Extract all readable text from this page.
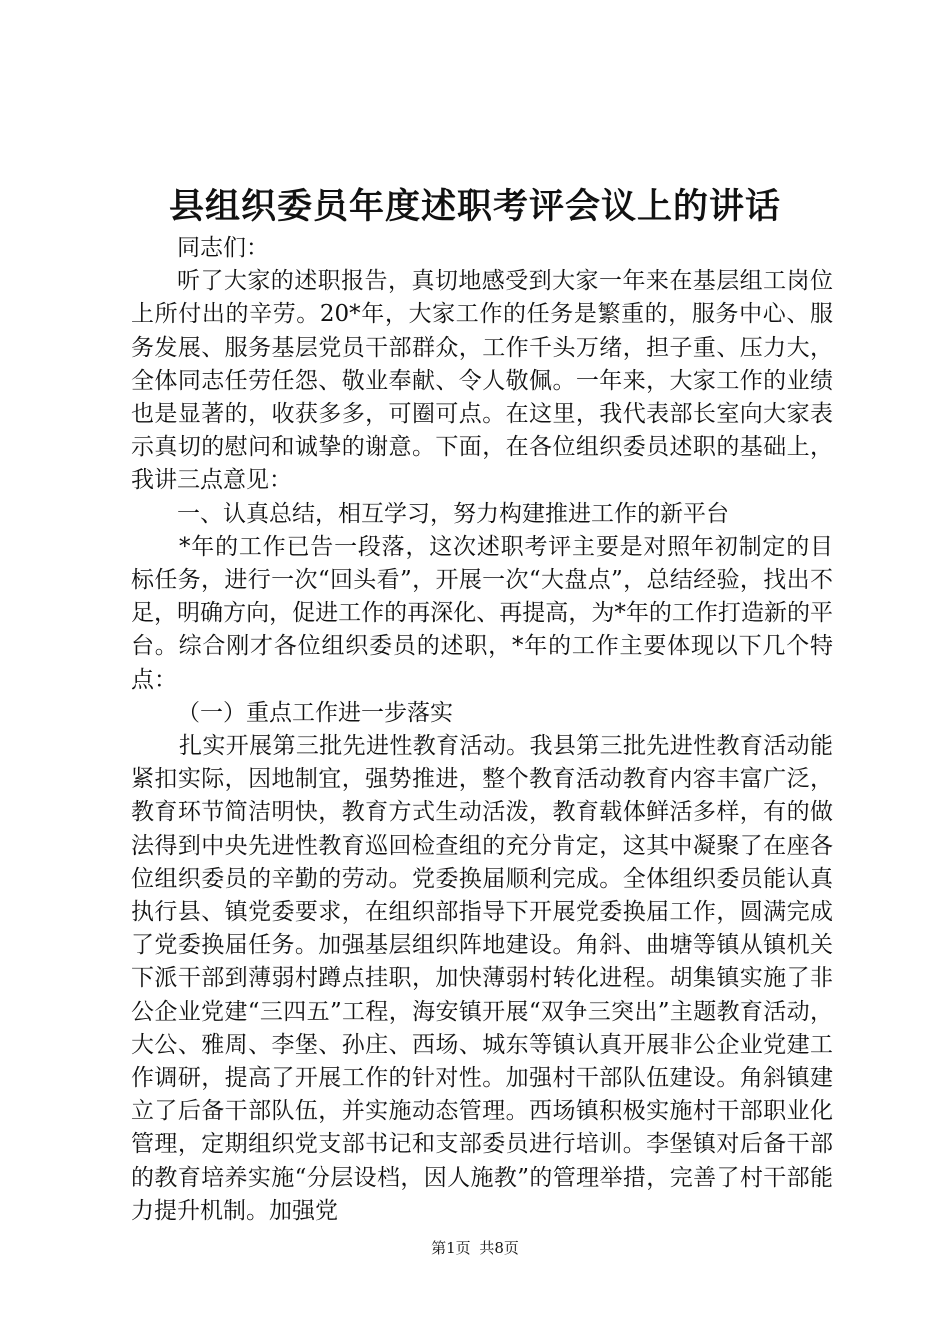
县组织委员年度述职考评会议上的讲话

同志们：

听了大家的述职报告，真切地感受到大家一年来在基层组工岗位上所付出的辛劳。20*年，大家工作的任务是繁重的，服务中心、服务发展、服务基层党员干部群众，工作千头万绪，担子重、压力大，全体同志任劳任怨、敬业奉献、令人敬佩。一年来，大家工作的业绩也是显著的，收获多多，可圈可点。在这里，我代表部长室向大家表示真切的慰问和诚挚的谢意。下面，在各位组织委员述职的基础上，我讲三点意见：

一、认真总结，相互学习，努力构建推进工作的新平台

*年的工作已告一段落，这次述职考评主要是对照年初制定的目标任务，进行一次“回头看”，开展一次“大盘点”，总结经验，找出不足，明确方向，促进工作的再深化、再提高，为*年的工作打造新的平台。综合刚才各位组织委员的述职，*年的工作主要体现以下几个特点：

（一）重点工作进一步落实

扎实开展第三批先进性教育活动。我县第三批先进性教育活动能紧扣实际，因地制宜，强势推进，整个教育活动教育内容丰富广泛，教育环节简洁明快，教育方式生动活泼，教育载体鲜活多样，有的做法得到中央先进性教育巡回检查组的充分肯定，这其中凝聚了在座各位组织委员的辛勤的劳动。党委换届顺利完成。全体组织委员能认真执行县、镇党委要求，在组织部指导下开展党委换届工作，圆满完成了党委换届任务。加强基层组织阵地建设。角斜、曲塘等镇从镇机关下派干部到薄弱村蹲点挂职，加快薄弱村转化进程。胡集镇实施了非公企业党建“三四五”工程，海安镇开展“双争三突出”主题教育活动，大公、雅周、李堡、孙庄、西场、城东等镇认真开展非公企业党建工作调研，提高了开展工作的针对性。加强村干部队伍建设。角斜镇建立了后备干部队伍，并实施动态管理。西场镇积极实施村干部职业化管理，定期组织党支部书记和支部委员进行培训。李堡镇对后备干部的教育培养实施“分层设档，因人施教”的管理举措，完善了村干部能力提升机制。加强党

第1页 共8页
